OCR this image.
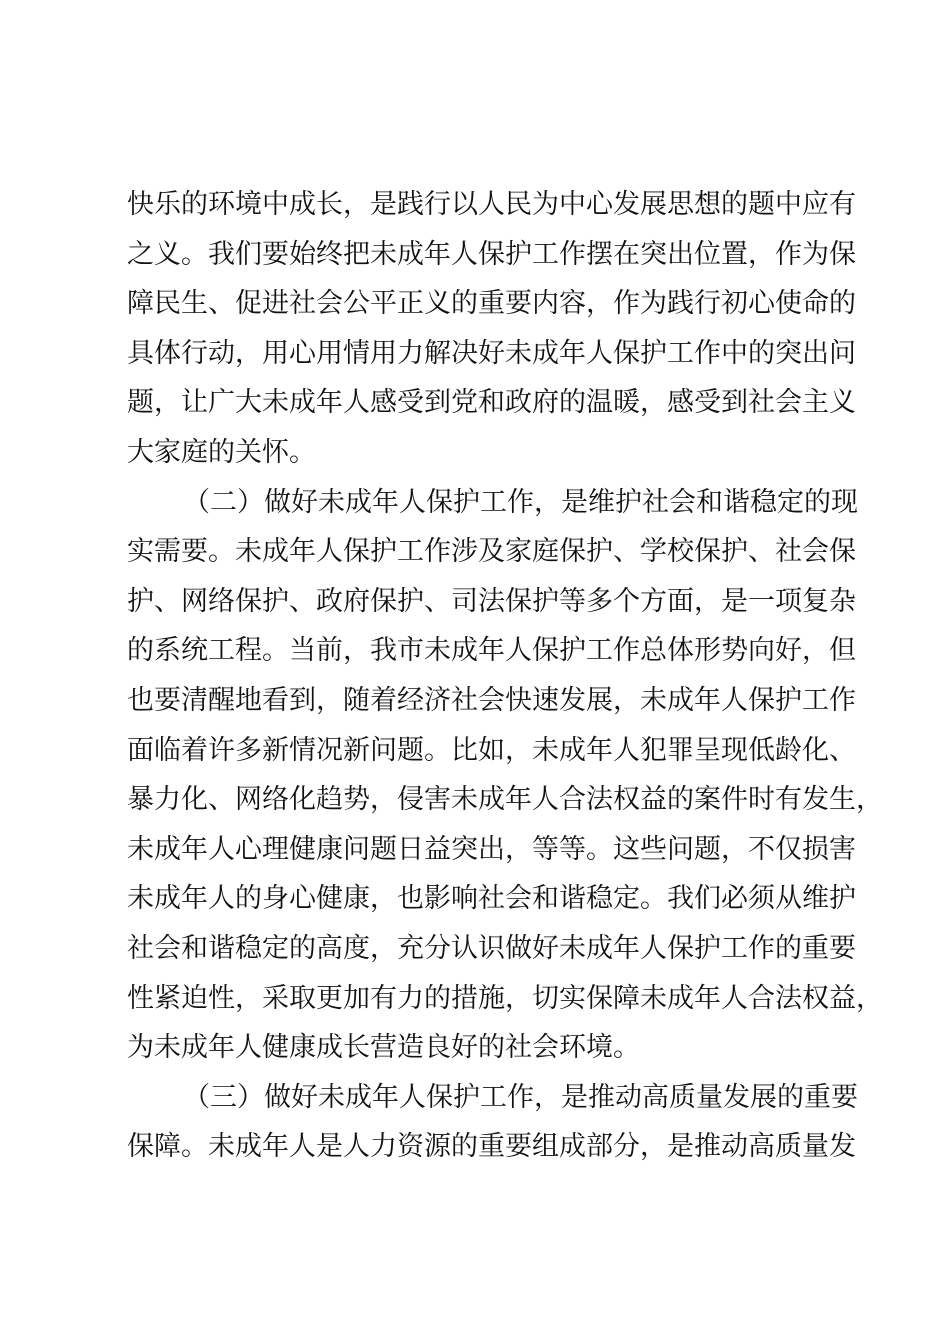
快乐的环境中成长，是践行以人民为中心发展思想的题中应有
之义。我们要始终把未成年人保护工作摆在突出位置，作为保
障民生、促进社会公平正义的重要内容，作为践行初心使命的
具体行动，用心用情用力解决好未成年人保护工作中的突出问
题，让广大未成年人感受到党和政府的温暖，感受到社会主义
大家庭的关怀。
（二）做好未成年人保护工作，是维护社会和谐稳定的现
实需要。未成年人保护工作涉及家庭保护、学校保护、社会保
护、网络保护、政府保护、司法保护等多个方面，是一项复杂
的系统工程。当前，我市未成年人保护工作总体形势向好，但
也要清醒地看到，随着经济社会快速发展，未成年人保护工作
面临着许多新情况新问题。比如，未成年人犯罪呈现低龄化、
暴力化、网络化趋势，侵害未成年人合法权益的案件时有发生，
未成年人心理健康问题日益突出，等等。这些问题，不仅损害
未成年人的身心健康，也影响社会和谐稳定。我们必须从维护
社会和谐稳定的高度，充分认识做好未成年人保护工作的重要
性紧迫性，采取更加有力的措施，切实保障未成年人合法权益，
为未成年人健康成长营造良好的社会环境。
（三）做好未成年人保护工作，是推动高质量发展的重要
保障。未成年人是人力资源的重要组成部分，是推动高质量发
